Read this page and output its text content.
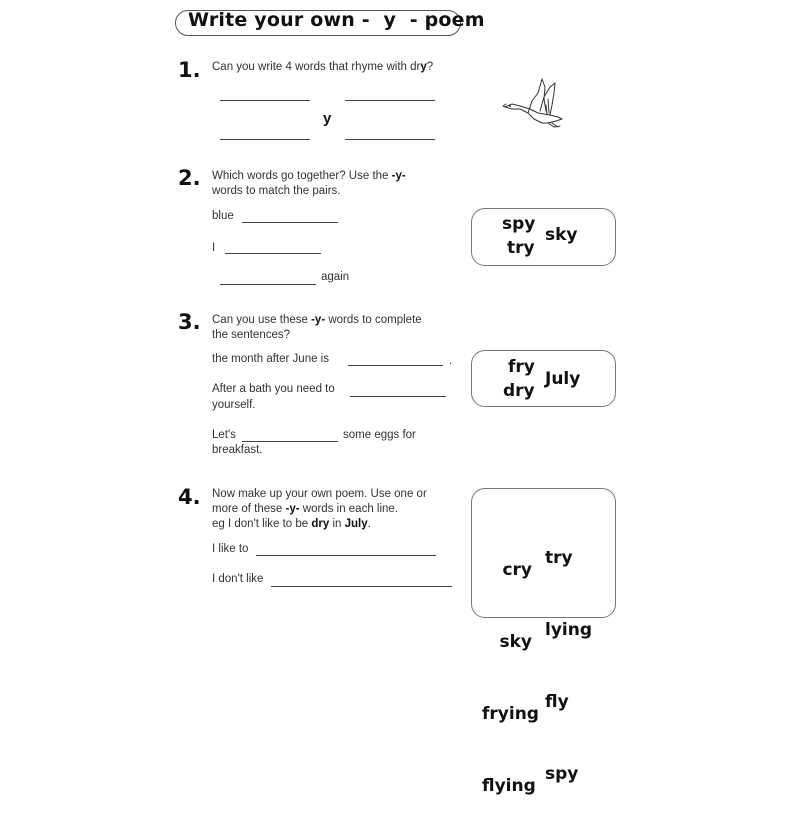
Write your own -  y  - poem
1. Can you write 4 words that rhyme with dry?
y
2. Which words go together? Use the -y-
words to match the pairs.
blue
I
again
spy
try
sky
3. Can you use these -y- words to complete
the sentences?
the month after June is	.
After a bath you need to
yourself.
Let's	some eggs for
breakfast.
fry
dry
July
4. Now make up your own poem. Use one or
more of these -y- words in each line.
eg I don't like to be dry in July.
I like to
I don't like

	cry

sky

frying

flying

try

lying

fly

spy
